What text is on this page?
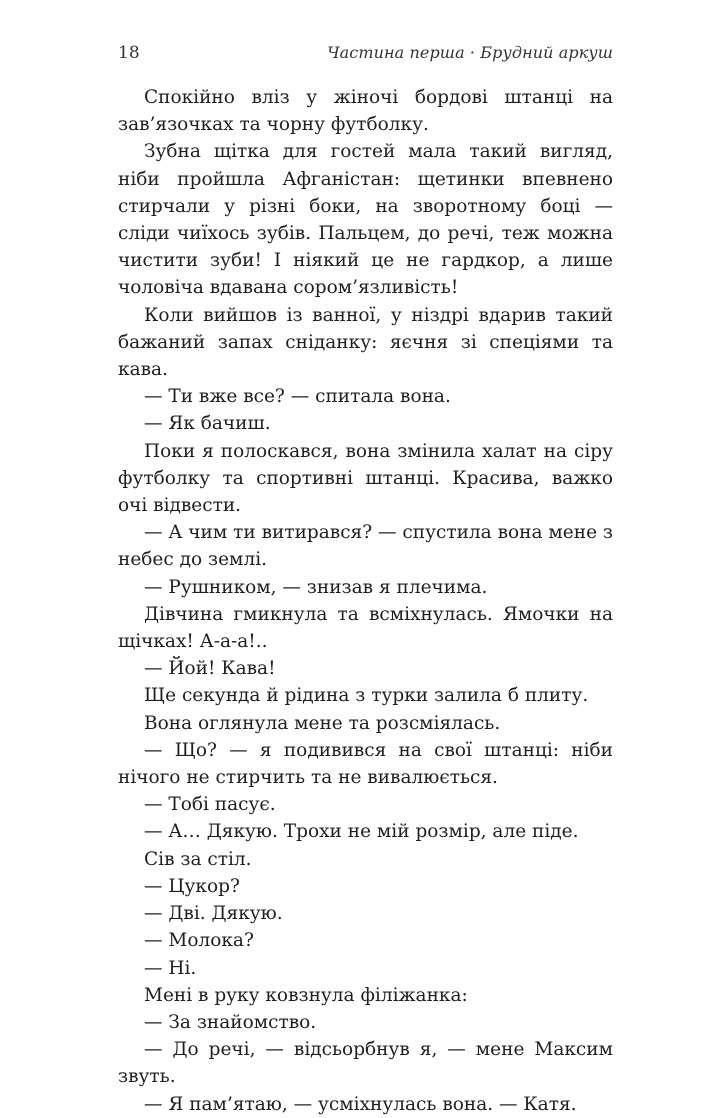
18	Частина перша · Брудний аркуш

Спокійно вліз у жіночі бордові штанці на зав’язочках та чорну футболку.

Зубна щітка для гостей мала такий вигляд, ніби пройшла Афганістан: щетинки впевнено стирчали у різні боки, на зворотному боці — сліди чиїхось зубів. Пальцем, до речі, теж можна чистити зуби! І ніякий це не гардкор, а лише чоловіча вдавана сором’язливість!

Коли вийшов із ванної, у ніздрі вдарив такий бажаний запах сніданку: яєчня зі спеціями та кава.

— Ти вже все? — спитала вона.

— Як бачиш.

Поки я полоскався, вона змінила халат на сіру футболку та спортивні штанці. Красива, важко очі відвести.

— А чим ти витирався? — спустила вона мене з небес до землі.

— Рушником, — знизав я плечима.

Дівчина гмикнула та всміхнулась. Ямочки на щічках! А-а-а!..

— Йой! Кава!

Ще секунда й рідина з турки залила б плиту.

Вона оглянула мене та розсміялась.

— Що? — я подивився на свої штанці: ніби нічого не стирчить та не вивалюється.

— Тобі пасує.

— А… Дякую. Трохи не мій розмір, але піде.

Сів за стіл.

— Цукор?

— Дві. Дякую.

— Молока?

— Ні.

Мені в руку ковзнула філіжанка:

— За знайомство.

— До речі, — відсьорбнув я, — мене Максим звуть.

— Я пам’ятаю, — усміхнулась вона. — Катя.
